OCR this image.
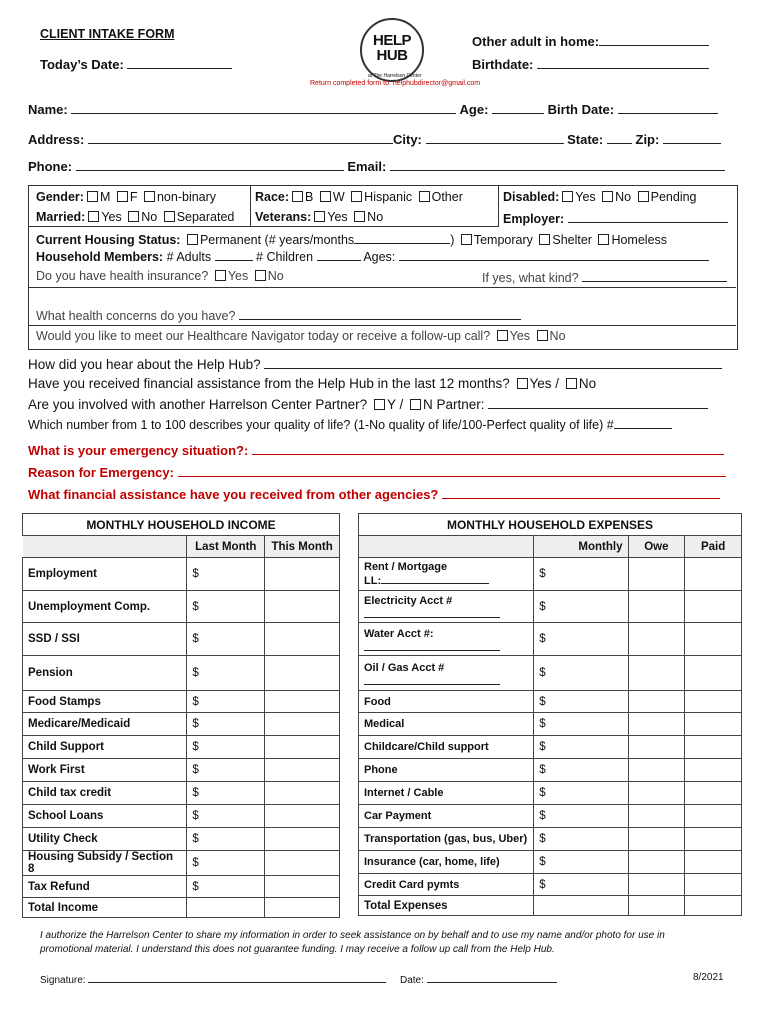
CLIENT INTAKE FORM
Today’s Date:
HELP
HUB
at The Harrelson Center
Return completed form to: helphubdirector@gmail.com
Other adult in home:
Birthdate:
Name:	Age:	Birth Date:
Address:	City:	State: Zip:
Phone:	Email:
Gender: M F non-binary	Race: B W Hispanic Other	Disabled: Yes No Pending
Married: Yes No Separated Veterans: Yes No	Employer:
Current Housing Status: Permanent (# years/months	) Temporary Shelter Homeless
Household Members: # Adults	# Children	Ages:
Do you have health insurance? Yes No	If yes, what kind?
What health concerns do you have?
Would you like to meet our Healthcare Navigator today or receive a follow-up call? Yes No
How did you hear about the Help Hub?
Have you received financial assistance from the Help Hub in the last 12 months? Yes / No
Are you involved with another Harrelson Center Partner? Y / N Partner:
Which number from 1 to 100 describes your quality of life? (1-No quality of life/100-Perfect quality of life) #
What is your emergency situation?:
Reason for Emergency:
What financial assistance have you received from other agencies?
MONTHLY HOUSEHOLD INCOME		
	Last Month	This Month
Employment	$	
Unemployment Comp.	$	
SSD / SSI	$	
Pension	$	
Food Stamps	$	
Medicare/Medicaid	$	
Child Support	$	
Work First	$	
Child tax credit	$	
School Loans	$	
Utility Check	$	
Housing Subsidy / Section 8	$	
Tax Refund	$	
Total Income		
MONTHLY HOUSEHOLD EXPENSES			
	Monthly	Owe	Paid

Rent / Mortgage
LL:	$		

Electricity Acct #	$		

Water Acct #:	$		

Oil / Gas Acct #	$		

Food	$		

Medical	$		

Childcare/Child support	$		

Phone	$		

Internet / Cable	$		

Car Payment	$		

Transportation (gas, bus, Uber)	$		

Insurance (car, home, life)	$		

Credit Card pymts	$		
Total Expenses			
I authorize the Harrelson Center to share my information in order to seek assistance on by behalf and to use my name and/or photo for use in
promotional material. I understand this does not guarantee funding. I may receive a follow up call from the Help Hub.
Signature:	Date:	8/2021
